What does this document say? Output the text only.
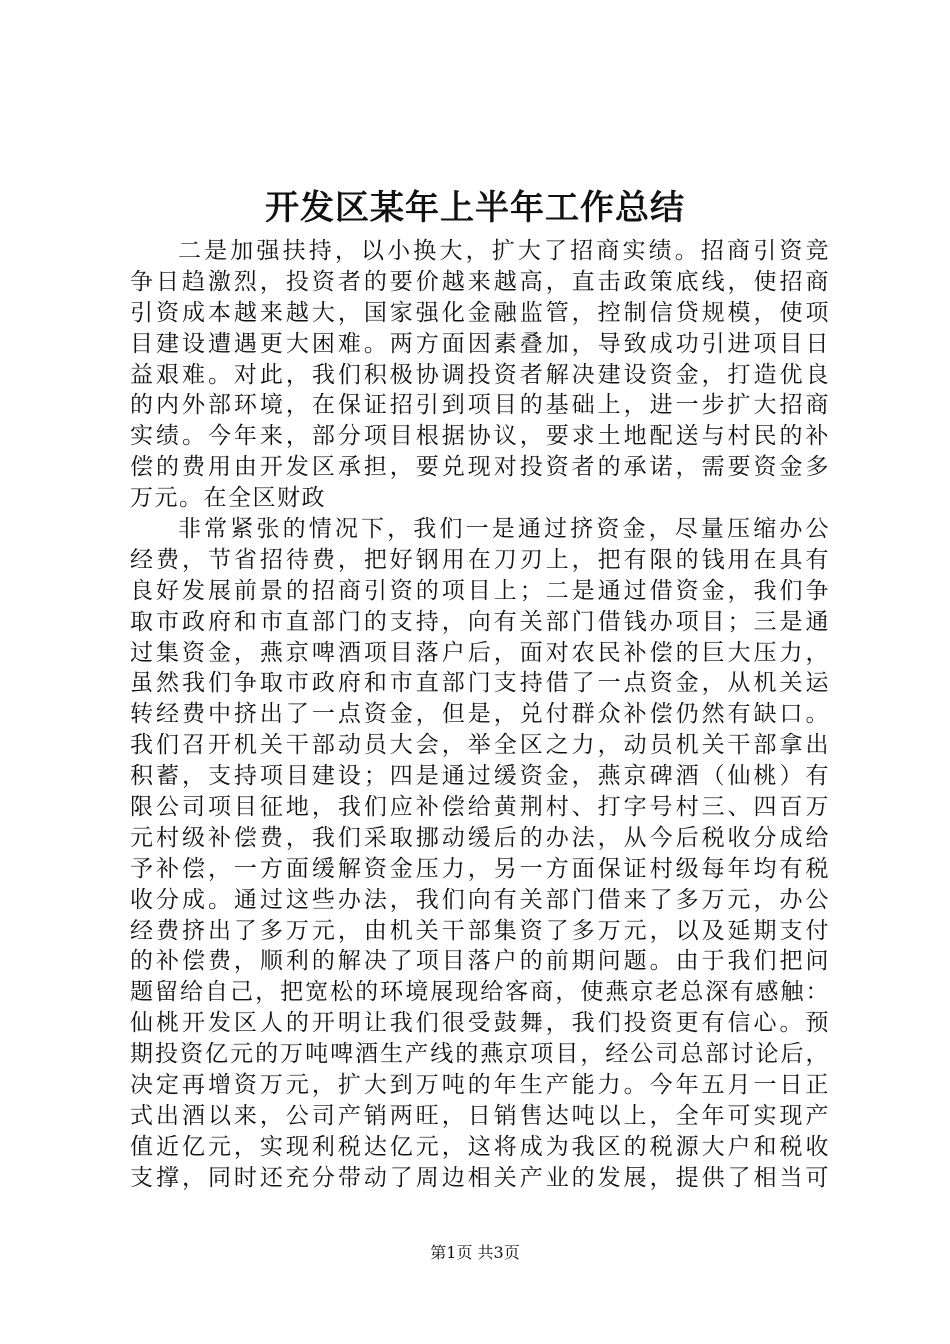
开发区某年上半年工作总结
二是加强扶持，以小换大，扩大了招商实绩。招商引资竞
争日趋激烈，投资者的要价越来越高，直击政策底线，使招商
引资成本越来越大，国家强化金融监管，控制信贷规模，使项
目建设遭遇更大困难。两方面因素叠加，导致成功引进项目日
益艰难。对此，我们积极协调投资者解决建设资金，打造优良
的内外部环境，在保证招引到项目的基础上，进一步扩大招商
实绩。今年来，部分项目根据协议，要求土地配送与村民的补
偿的费用由开发区承担，要兑现对投资者的承诺，需要资金多
万元。在全区财政
非常紧张的情况下，我们一是通过挤资金，尽量压缩办公
经费，节省招待费，把好钢用在刀刃上，把有限的钱用在具有
良好发展前景的招商引资的项目上；二是通过借资金，我们争
取市政府和市直部门的支持，向有关部门借钱办项目；三是通
过集资金，燕京啤酒项目落户后，面对农民补偿的巨大压力，
虽然我们争取市政府和市直部门支持借了一点资金，从机关运
转经费中挤出了一点资金，但是，兑付群众补偿仍然有缺口。
我们召开机关干部动员大会，举全区之力，动员机关干部拿出
积蓄，支持项目建设；四是通过缓资金，燕京碑酒（仙桃）有
限公司项目征地，我们应补偿给黄荆村、打字号村三、四百万
元村级补偿费，我们采取挪动缓后的办法，从今后税收分成给
予补偿，一方面缓解资金压力，另一方面保证村级每年均有税
收分成。通过这些办法，我们向有关部门借来了多万元，办公
经费挤出了多万元，由机关干部集资了多万元，以及延期支付
的补偿费，顺利的解决了项目落户的前期问题。由于我们把问
题留给自己，把宽松的环境展现给客商，使燕京老总深有感触：
仙桃开发区人的开明让我们很受鼓舞，我们投资更有信心。预
期投资亿元的万吨啤酒生产线的燕京项目，经公司总部讨论后，
决定再增资万元，扩大到万吨的年生产能力。今年五月一日正
式出酒以来，公司产销两旺，日销售达吨以上，全年可实现产
值近亿元，实现利税达亿元，这将成为我区的税源大户和税收
支撑，同时还充分带动了周边相关产业的发展，提供了相当可
第1页 共3页
